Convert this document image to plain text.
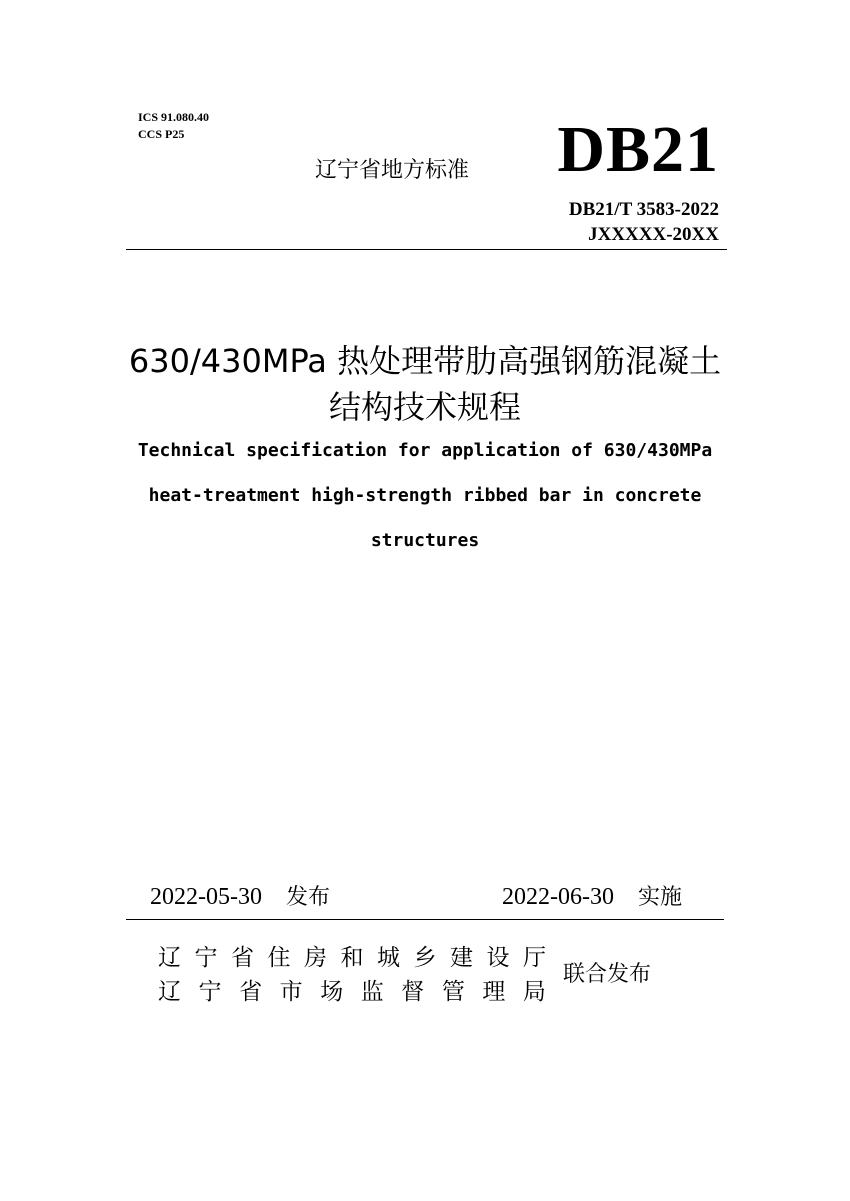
ICS 91.080.40
CCS P25
辽宁省地方标准 DB21
DB21/T 3583-2022
JXXXXX-20XX
630/430MPa 热处理带肋高强钢筋混凝土
结构技术规程
Technical specification for application of 630/430MPa
heat-treatment high-strength ribbed bar in concrete
structures
2022-05-30 发布	2022-06-30 实施
辽 宁 省 住 房 和 城 乡 建 设 厅
辽 宁 省 市 场 监 督 管 理 局
联合发布
